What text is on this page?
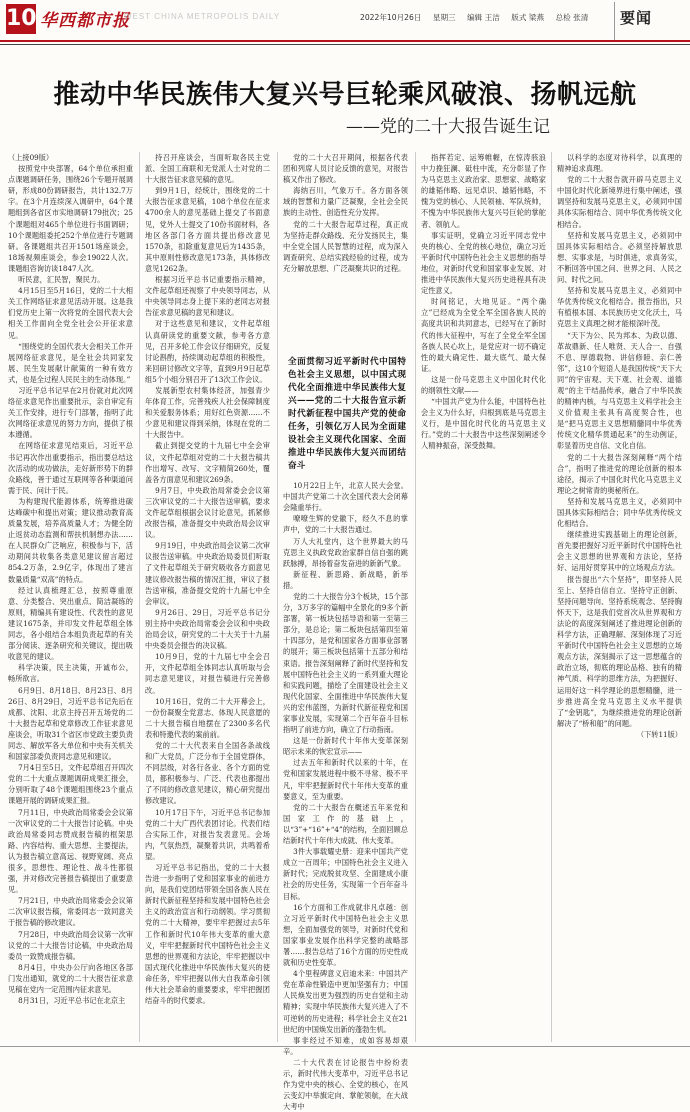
10 华西都市报
WEST CHINA METROPOLIS DAILY	2022年10月26日 星期三 编辑 王洁 版式 梁燕 总检 张清	要闻
推动中华民族伟大复兴号巨轮乘风破浪、扬帆远航
——党的二十大报告诞生记

（上接09版）

按照党中央部署，64个单位承担重点课题调研任务，围绕26个专题开展调研，形成80份调研报告，共计132.7万字。在3个月连续深入调研中，64个课题组到各省区市实地调研179批次；25个课题组对465个单位进行书面调研；10个课题组委托252个单位进行专题调研。各课题组共召开1501场座谈会，18场视频座谈会，参会19022人次。课题组咨询访谈1847人次。

听民意，汇民智，聚民力。

4月15日至5月16日，党的二十大相关工作网络征求意见活动开展。这是我们党历史上第一次将党的全国代表大会相关工作面向全党全社会公开征求意见。

“围绕党的全国代表大会相关工作开展网络征求意见，是全社会共同家发展、民生发展献计献策的一种有效方式，也是全过程人民民主的生动体现。”

习近平总书记早在2月份就对此次网络征求意见作出重要批示，亲自审定有关工作安排，进行专门部署，指明了此次网络征求意见的努力方向，提供了根本遵循。

在网络征求意见结束后，习近平总书记再次作出重要指示，指出要总结这次活动的成功做法，走好新形势下的群众路线，善于通过互联网等各种渠道问需于民、问计于民。

为构建现代能源体系，统筹推进碳达峰碳中和提出对策；建议推动教育高质量发展，培养高质量人才；为健全防止返贫动态监测和帮扶机制想办法……在人民群众广泛响应，积极参与下，活动期间共收集各类意见建议留言超过854.2万条，2.9亿字，体现出了建言数量质量“双高”的特点。

经过认真梳理汇总，按照尊重原意、分类整合、突出重点、简洁凝练的原则，精编具有建设性、代表性的意见建议1675条，并印发文件起草组全体同志，各小组结合本组负责起草的有关部分阅读、逐条研究和关键议，提出吸收意见的建议。

科学决策，民主决策，开诚布公，畅所欲言。

6月9日、8月18日、8月23日、8月26日、8月29日，习近平总书记先后在成都、沈阳、北京主持召开五场党的二十大报告起草和党章修改工作征求意见座谈会，听取31个省区市党政主要负责同志、解放军各大单位和中央有关机关和国家部委负责同志意见和建议。

7月4日至5日，文件起草组召开四次党的二十大重点课题调研成果汇报会，分别听取了48个课题组围绕23个重点课题开展的调研成果汇报。

7月11日，中央政治局常委会会议第一次审议党的二十大报告讨论稿。中央政治局常委同志赞成报告稿的框架思路、内容结构、重大思想、主要提法，认为报告稿立意高远、视野宽阔、亮点很多，思想性、理论性、战斗性都很强，并对修改完善报告稿提出了重要意见。

7月21日，中央政治局常委会会议第二次审议报告稿，常委同志一致同意关于报告稿的修改建议。

7月28日，中央政治局会议第一次审议党的二十大报告讨论稿，中央政治局委员一致赞成报告稿。

8月4日，中央办公厅向各地区各部门发出通知，就党的二十大报告征求意见稿在党内一定范围内征求意见。

8月31日，习近平总书记在北京主

持召开座谈会，当面听取各民主党派、全国工商联和无党派人士对党的二十大报告征求意见稿的意见。

到9月1日，经统计，围绕党的二十大报告征求意见稿，108个单位在征求4700余人的意见基础上提交了书面意见，党外人士提交了10份书面材料，各地区各部门各方面共提出修改意见1570条，扣除重复意见后为1435条，其中原则性修改意见173条，具体修改意见1262条。

根据习近平总书记重要指示精神，文件起草组还视察了中央领导同志，从中央领导同志身上提下来的老同志对报告征求意见稿的意见和建议。

对于这些意见和建议，文件起草组认真研读党的重要文献，参考各方意见，召开多轮工作会议仔细研究，反复讨论斟酌，持续调动起草组的积极性，来回研讨修改文字等，直到9月9日起草组5个小组分别召开了13次工作会议。

发展新型农村集体经济，加强青少年体育工作，完善残疾人社会保障制度和关爱服务体系；用好红色资源……不少意见和建议得到采纳，体现在党的二十大报告中。

截止到提交党的十九届七中全会审议，文件起草组对党的二十大报告稿共作出增写、改写、文字精简260处，覆盖各方面意见和建议269条。

9月7日，中央政治局常委会会议第三次审议党的二十大报告送审稿，要求文件起草组根据会议讨论意见，抓紧修改报告稿，准备提交中央政治局会议审议。

9月19日，中央政治局会议第二次审议报告送审稿。中央政治局委员们听取了文件起草组关于研究吸收各方面意见建议修改报告稿的情况汇报，审议了报告送审稿，准备提交党的十九届七中全会审议。

9月26日、29日，习近平总书记分别主持中央政治局常委会会议和中央政治局会议，研究党的二十大关于十九届中央委员会报告的决议稿。

10月9日，党的十九届七中全会召开，文件起草组全体同志认真听取与会同志意见建议，对报告稿进行完善修改。

10月16日，党的二十大开幕会上，一份份凝聚全党意志、体现人民意愿的二十大报告稿自地摆在了2300多名代表和特邀代表的案前前。

党的二十大代表来自全国各条战线和广大党员，广泛分布于全国党群体，不同层级，对各行各业、各个方面的党员，都积极参与、广泛、代表也都提出了不同的修改意见建议，精心研究提出修改建议。

10月17日下午，习近平总书记参加党的二十大广西代表团讨论。代表们结合实际工作，对报告发表意见。会场内，气氛热烈，凝聚着共识，共鸣着希望。

习近平总书记指出，党的二十大报告进一步指明了党和国家事业的前进方向，是我们党团结带领全国各族人民在新时代新征程坚持和发展中国特色社会主义的政治宣言和行动纲领。学习贯彻党的二十大精神，要牢牢把握过去5年工作和新时代10年伟大变革的重大意义，牢牢把握新时代中国特色社会主义思想的世界观和方法论，牢牢把握以中国式现代化推进中华民族伟大复兴的使命任务，牢牢把握以伟大自我革命引领伟大社会革命的重要要求，牢牢把握团结奋斗的时代要求。

党的二十大召开期间，根据各代表团和列席人员讨论反馈的意见，对报告稿又作出了修改。

海纳百川，气象万千。各方面各领域的智慧和力量广泛凝聚，全社会全民族的主动性、创造性充分发挥。

党的二十大报告起草过程，真正成为坚持走群众路线、充分发扬民主，集中全党全国人民智慧的过程，成为深入调查研究、总结实践经验的过程，成为充分解放思想、广泛凝聚共识的过程。

10月22日上午，北京人民大会堂。中国共产党第二十次全国代表大会闭幕会隆重举行。

嘹嘹生辉的党徽下，经久不息的掌声中，党的二十大报告通过。

万人大礼堂内，这个世界最大的马克思主义执政党政治家群自信自强的跳跃脉搏，昂扬着奋发奋进的新新气象。

新征程、新思路、新战略，新举措。

党的二十大报告分3个板块，15个部分，3万多字的篇幅中全景化的9多个新部署，第一板块包括导语和第一至第三部分，是总论；第二板块包括第四至第十四部分，是党和国家各方面事业部署的展开；第三板块包括第十五部分和结束语。报告深刻阐释了新时代坚持和发展中国特色社会主义的一系列重大理论和实践问题，描绘了全面建设社会主义现代化国家、全面推进中华民族伟大复兴的宏伟蓝图，为新时代新征程党和国家事业发展，实现第二个百年奋斗目标指明了前进方向，确立了行动指南。

这是一份新时代十年伟大变革深刻昭示未来的恢宏宣示——

过去五年和新时代以来的十年，在党和国家发展进程中极不寻常、极不平凡，牢牢把握新时代十年伟大变革的重要意义，至为重要。

党的二十大报告在概述五年来党和国家工作的基础上，以“3”+“16”+“4”的结构，全面回顾总结新时代十年伟大成就、伟大变革。

3件大事载耀史册：迎来中国共产党成立一百周年；中国特色社会主义进入新时代；完成脱贫攻坚、全面建成小康社会的历史任务，实现第一个百年奋斗目标。

16个方面和工作成就非凡卓越：创立习近平新时代中国特色社会主义思想，全面加强党的领导，对新时代党和国家事业发展作出科学完整的战略部署……报告总结了16个方面的历史性成就和历史性变革。

4个里程碑意义启迪未来：中国共产党在革命性锻造中更加坚强有力；中国人民焕发出更为强烈的历史自觉和主动精神；实现中华民族伟大复兴进入了不可逆转的历史进程；科学社会主义在21世纪的中国焕发出新的蓬勃生机。

事非经过不知难，成如容易却艰辛。

二十大代表在讨论报告中纷纷表示，新时代伟大变革中，习近平总书记作为党中央的核心、全党的核心，在风云变幻中举旗定向、掌舵领航，在大战大考中

指挥若定、运筹帷幄，在惊涛骇浪中力挽狂澜、砥柱中流，充分彰显了作为马克思主义政治家、思想家、战略家的雄韬伟略、远见卓识、雄韬伟略，不愧为党的核心、人民领袖、军队统帅，不愧为中华民族伟大复兴号巨轮的掌舵者、领航人。

事实证明，党确立习近平同志党中央的核心、全党的核心地位，确立习近平新时代中国特色社会主义思想的指导地位，对新时代党和国家事业发展、对推进中华民族伟大复兴历史进程具有决定性意义。

时间铭记，大地见证。“两个确立”已经成为全党全军全国各族人民的高度共识和共同意志，已经写在了新时代的伟大征程中，写在了全党全军全国各族人民心坎上，是党应对一切不确定性的最大确定性、最大底气、最大保证。

这是一份马克思主义中国化时代化的纲领性文献——

“中国共产党为什么能，中国特色社会主义为什么好，归根到底是马克思主义行，是中国化时代化的马克思主义行。”党的二十大报告中这些深刻阐述令人精神振奋，深受鼓舞。

以科学的态度对待科学，以真理的精神追求真理。

党的二十大报告就开辟马克思主义中国化时代化新境界进行集中阐述，强调坚持和发展马克思主义，必须同中国具体实际相结合、同中华优秀传统文化相结合。

坚持和发展马克思主义，必须同中国具体实际相结合。必须坚持解放思想、实事求是，与时俱进，求真务实，不断回答中国之问、世界之问、人民之问、时代之问。

坚持和发展马克思主义，必须同中华优秀传统文化相结合。报告指出，只有植根本国、本民族历史文化沃土，马克思主义真理之树才能根深叶茂。

“天下为公、民为邦本、为政以德、革故鼎新、任人唯贤、天人合一、自强不息、厚德载物、讲信修睦、亲仁善邻”，这10个短语人是我国传统“天下大同”的宇宙观、天下观、社会观、道德观“的主干结晶传承，融合了中华民族的精神内核，与马克思主义科学社会主义价值观主张具有高度契合性，也是“把马克思主义思想精髓同中华优秀传统文化精华贯通起来”的生动例证，彰显着历史自信、文化自信。

党的二十大报告深刻阐释“两个结合”，指明了推进党的理论创新的根本途径，揭示了中国化时代化马克思主义理论之树常青的奥秘所在。

坚持和发展马克思主义，必须同中国具体实际相结合；同中华优秀传统文化相结合。

继续推进实践基础上的理论创新，首先要把握好习近平新时代中国特色社会主义思想的世界观和方法论，坚持好、运用好贯穿其中的立场观点方法。

报告提出“六个坚持”，即坚持人民至上、坚持自信自立、坚持守正创新、坚持问题导向、坚持系统观念、坚持胸怀天下，这是我们党首次从世界观和方法论的高度深刻阐述了推进理论创新的科学方法，正确理解、深刻体现了习近平新时代中国特色社会主义思想的立场观点方法，深刻揭示了这一思想蕴含的政治立场，彻底的理论品格、独有的精神气质、科学的思维方法，为把握好、运用好这一科学理论的思想精髓，进一步推进高全党马克思主义水平提供了“金钥匙”，为继续推进党的理论创新解决了“桥和船”的问题。

（下转11版）

全面贯彻习近平新时代中国特色社会主义思想，以中国式现代化全面推进中华民族伟大复兴——党的二十大报告宣示新时代新征程中国共产党的使命任务，引领亿万人民为全面建设社会主义现代化国家、全面推进中华民族伟大复兴而团结奋斗
